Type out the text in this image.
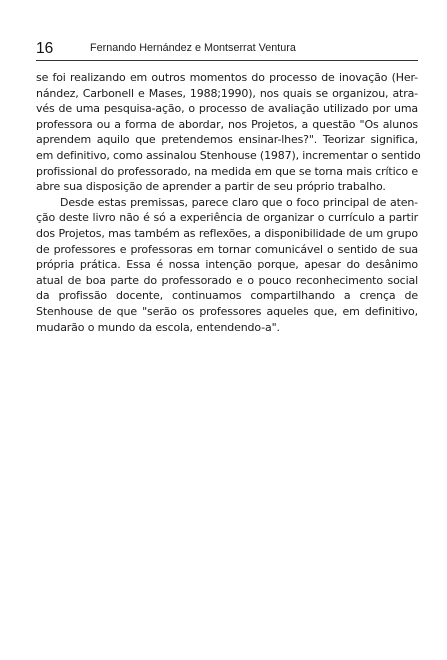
16	Fernando Hernández e Montserrat Ventura
se foi realizando em outros momentos do processo de inovação (Her-
nández, Carbonell e Mases, 1988;1990), nos quais se organizou, atra-
vés de uma pesquisa-ação, o processo de avaliação utilizado por uma
professora ou a forma de abordar, nos Projetos, a questão "Os alunos
aprendem aquilo que pretendemos ensinar-lhes?". Teorizar significa,
em definitivo, como assinalou Stenhouse (1987), incrementar o sentido
profissional do professorado, na medida em que se torna mais crítico e
abre sua disposição de aprender a partir de seu próprio trabalho.
Desde estas premissas, parece claro que o foco principal de aten-
ção deste livro não é só a experiência de organizar o currículo a partir
dos Projetos, mas também as reflexões, a disponibilidade de um grupo
de professores e professoras em tornar comunicável o sentido de sua
própria prática. Essa é nossa intenção porque, apesar do desânimo
atual de boa parte do professorado e o pouco reconhecimento social
da profissão docente, continuamos compartilhando a crença de
Stenhouse de que "serão os professores aqueles que, em definitivo,
mudarão o mundo da escola, entendendo-a".
